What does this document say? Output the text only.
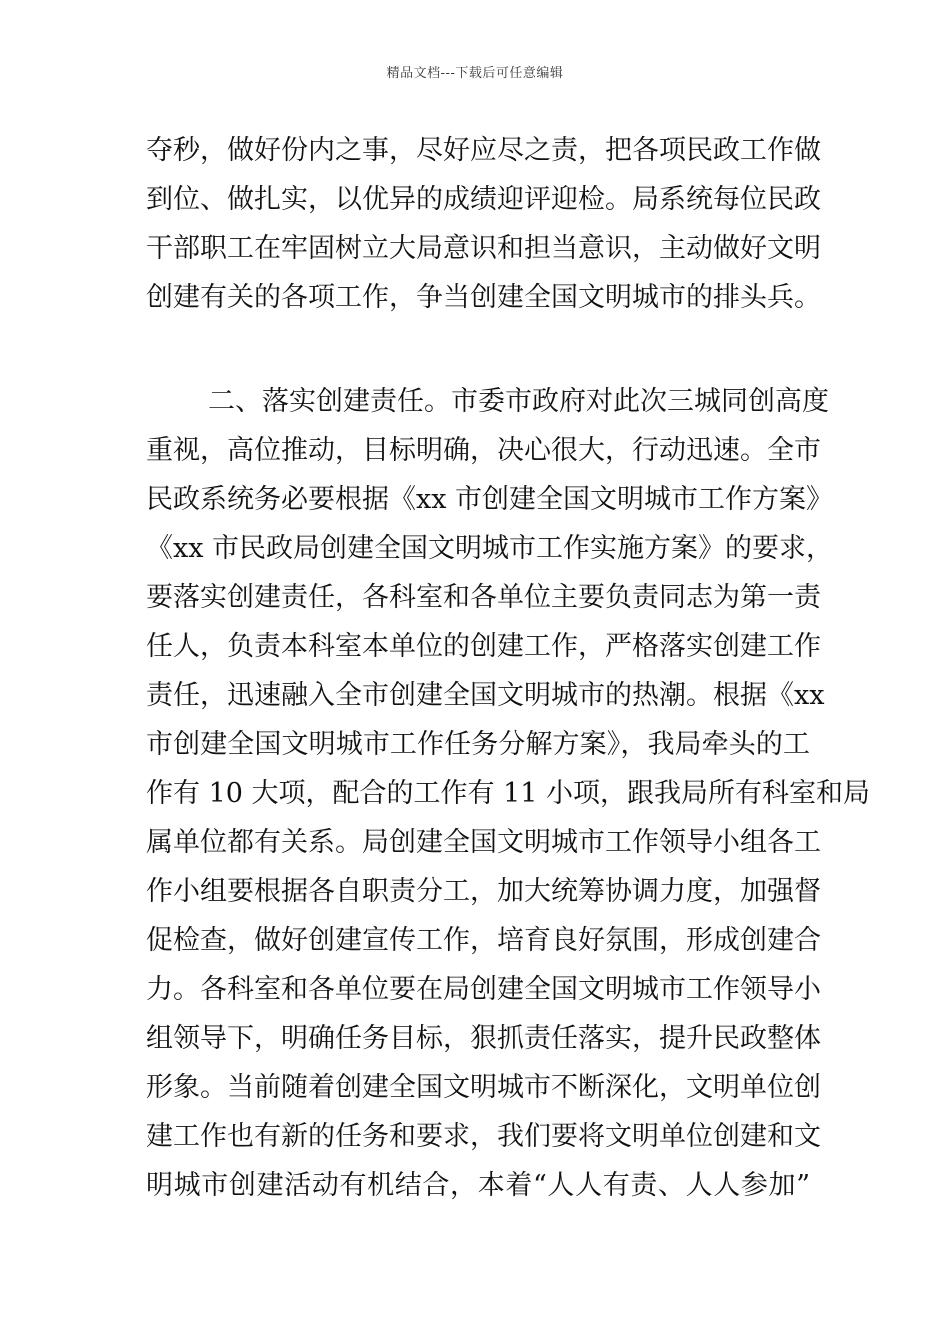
精品文档---下载后可任意编辑
夺秒，做好份内之事，尽好应尽之责，把各项民政工作做
到位、做扎实，以优异的成绩迎评迎检。局系统每位民政
干部职工在牢固树立大局意识和担当意识，主动做好文明
创建有关的各项工作，争当创建全国文明城市的排头兵。
二、落实创建责任。市委市政府对此次三城同创高度
重视，高位推动，目标明确，决心很大，行动迅速。全市
民政系统务必要根据《xx 市创建全国文明城市工作方案》
《xx 市民政局创建全国文明城市工作实施方案》的要求，
要落实创建责任，各科室和各单位主要负责同志为第一责
任人，负责本科室本单位的创建工作，严格落实创建工作
责任，迅速融入全市创建全国文明城市的热潮。根据《xx
市创建全国文明城市工作任务分解方案》，我局牵头的工
作有 10 大项，配合的工作有 11 小项，跟我局所有科室和局
属单位都有关系。局创建全国文明城市工作领导小组各工
作小组要根据各自职责分工，加大统筹协调力度，加强督
促检查，做好创建宣传工作，培育良好氛围，形成创建合
力。各科室和各单位要在局创建全国文明城市工作领导小
组领导下，明确任务目标，狠抓责任落实，提升民政整体
形象。当前随着创建全国文明城市不断深化，文明单位创
建工作也有新的任务和要求，我们要将文明单位创建和文
明城市创建活动有机结合，本着“人人有责、人人参加”
